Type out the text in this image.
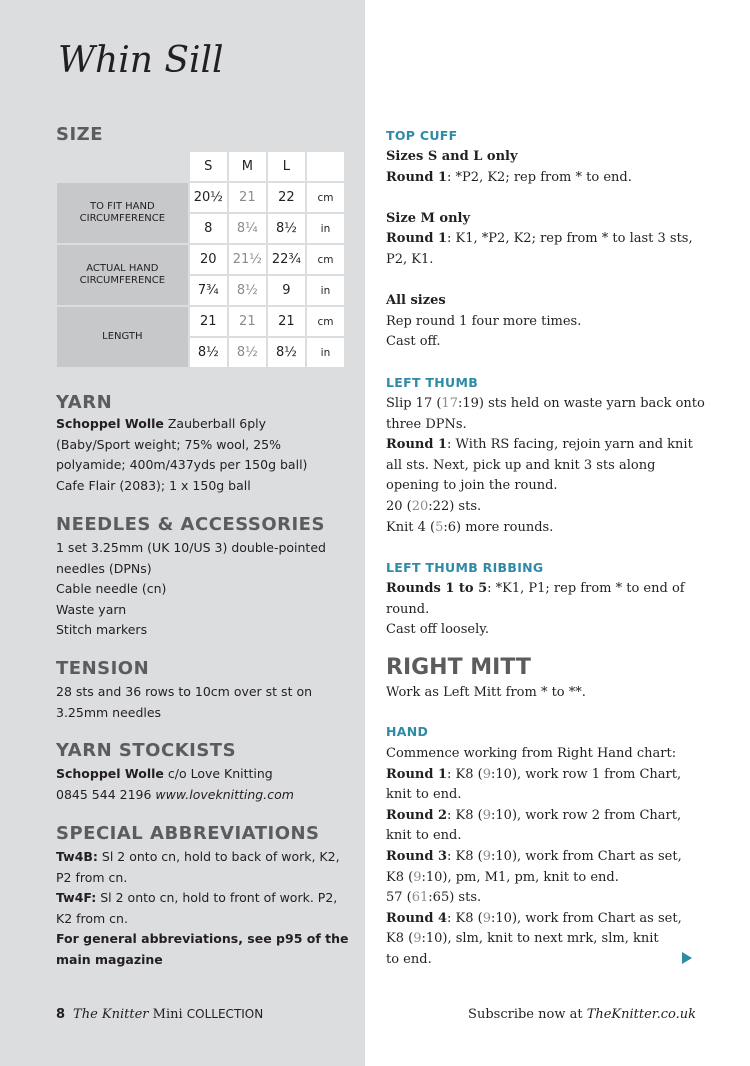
Whin Sill
SIZE
	S	M	L	
TO FIT HAND CIRCUMFERENCE	20½	21	22	cm
	8	8¼	8½	in
ACTUAL HAND CIRCUMFERENCE	20	21½	22¾	cm
	7¾	8½	9	in
LENGTH	21	21	21	cm
	8½	8½	8½	in
YARN
Schoppel Wolle Zauberball 6ply
(Baby/Sport weight; 75% wool, 25%
polyamide; 400m/437yds per 150g ball)
Cafe Flair (2083); 1 x 150g ball
NEEDLES & ACCESSORIES
1 set 3.25mm (UK 10/US 3) double-pointed
needles (DPNs)
Cable needle (cn)
Waste yarn
Stitch markers
TENSION
28 sts and 36 rows to 10cm over st st on
3.25mm needles
YARN STOCKISTS
Schoppel Wolle c/o Love Knitting
0845 544 2196 www.loveknitting.com
SPECIAL ABBREVIATIONS
Tw4B: Sl 2 onto cn, hold to back of work, K2,
P2 from cn.
Tw4F: Sl 2 onto cn, hold to front of work. P2,
K2 from cn.
For general abbreviations, see p95 of the
main magazine
TOP CUFF
Sizes S and L only
Round 1: *P2, K2; rep from * to end.
Size M only
Round 1: K1, *P2, K2; rep from * to last 3 sts,
P2, K1.
All sizes
Rep round 1 four more times.
Cast off.
LEFT THUMB
Slip 17 (17:19) sts held on waste yarn back onto
three DPNs.
Round 1: With RS facing, rejoin yarn and knit
all sts. Next, pick up and knit 3 sts along
opening to join the round.
20 (20:22) sts.
Knit 4 (5:6) more rounds.
LEFT THUMB RIBBING
Rounds 1 to 5: *K1, P1; rep from * to end of
round.
Cast off loosely.
RIGHT MITT
Work as Left Mitt from * to **.
HAND
Commence working from Right Hand chart:
Round 1: K8 (9:10), work row 1 from Chart,
knit to end.
Round 2: K8 (9:10), work row 2 from Chart,
knit to end.
Round 3: K8 (9:10), work from Chart as set,
K8 (9:10), pm, M1, pm, knit to end.
57 (61:65) sts.
Round 4: K8 (9:10), work from Chart as set,
K8 (9:10), slm, knit to next mrk, slm, knit
to end.
8 The Knitter Mini COLLECTION	Subscribe now at TheKnitter.co.uk
